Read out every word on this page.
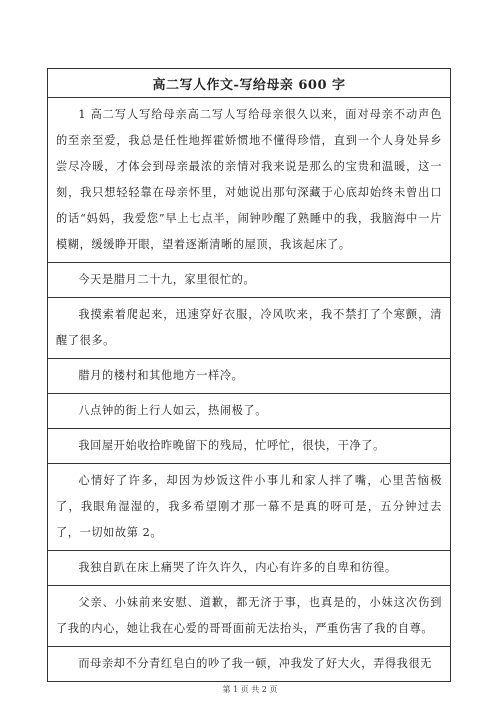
高二写人作文-写给母亲 600 字
1 高二写人写给母亲高二写人写给母亲很久以来，面对母亲不动声色的至亲至爱，我总是任性地挥霍娇惯地不懂得珍惜，直到一个人身处异乡尝尽冷暖，才体会到母亲最浓的亲情对我来说是那么的宝贵和温暖，这一刻，我只想轻轻靠在母亲怀里，对她说出那句深藏于心底却始终未曾出口的话“妈妈，我爱您”早上七点半，闹钟吵醒了熟睡中的我，我脑海中一片模糊，缓缓睁开眼，望着逐渐清晰的屋顶，我该起床了。
今天是腊月二十九，家里很忙的。
我摸索着爬起来，迅速穿好衣服，冷风吹来，我不禁打了个寒颤，清醒了很多。
腊月的楼村和其他地方一样冷。
八点钟的街上行人如云，热闹极了。
我回屋开始收拾昨晚留下的残局，忙呼忙，很快，干净了。
心情好了许多，却因为炒饭这件小事儿和家人拌了嘴，心里苦恼极了，我眼角湿湿的，我多希望刚才那一幕不是真的呀可是，五分钟过去了，一切如故第 2。
我独自趴在床上痛哭了许久许久，内心有许多的自卑和彷徨。
父亲、小妹前来安慰、道歉，都无济于事，也真是的，小妹这次伤到了我的内心，她让我在心爱的哥哥面前无法抬头，严重伤害了我的自尊。
而母亲却不分青红皂白的吵了我一顿，冲我发了好大火，弄得我很无
第 1 页 共 2 页
